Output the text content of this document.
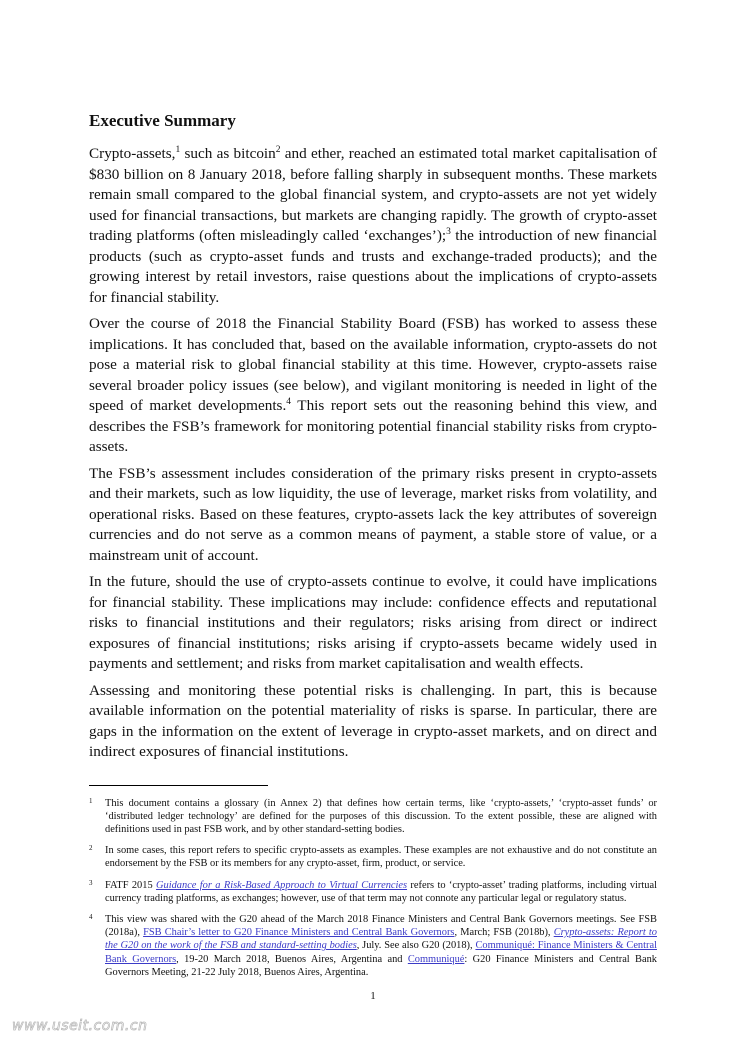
Executive Summary

Crypto-assets,$^1$ such as bitcoin$^2$ and ether, reached an estimated total market capitalisation of $830 billion on 8 January 2018, before falling sharply in subsequent months. These markets remain small compared to the global financial system, and crypto-assets are not yet widely used for financial transactions, but markets are changing rapidly. The growth of crypto-asset trading platforms (often misleadingly called ‘exchanges’);$^3$ the introduction of new financial products (such as crypto-asset funds and trusts and exchange-traded products); and the growing interest by retail investors, raise questions about the implications of crypto-assets for financial stability.

Over the course of 2018 the Financial Stability Board (FSB) has worked to assess these implications. It has concluded that, based on the available information, crypto-assets do not pose a material risk to global financial stability at this time. However, crypto-assets raise several broader policy issues (see below), and vigilant monitoring is needed in light of the speed of market developments.$^4$ This report sets out the reasoning behind this view, and describes the FSB’s framework for monitoring potential financial stability risks from crypto-assets.

The FSB’s assessment includes consideration of the primary risks present in crypto-assets and their markets, such as low liquidity, the use of leverage, market risks from volatility, and operational risks. Based on these features, crypto-assets lack the key attributes of sovereign currencies and do not serve as a common means of payment, a stable store of value, or a mainstream unit of account.

In the future, should the use of crypto-assets continue to evolve, it could have implications for financial stability. These implications may include: confidence effects and reputational risks to financial institutions and their regulators; risks arising from direct or indirect exposures of financial institutions; risks arising if crypto-assets became widely used in payments and settlement; and risks from market capitalisation and wealth effects.

Assessing and monitoring these potential risks is challenging. In part, this is because available information on the potential materiality of risks is sparse. In particular, there are gaps in the information on the extent of leverage in crypto-asset markets, and on direct and indirect exposures of financial institutions.

1 This document contains a glossary (in Annex 2) that defines how certain terms, like ‘crypto-assets,’ ‘crypto-asset funds’ or ‘distributed ledger technology’ are defined for the purposes of this discussion. To the extent possible, these are aligned with definitions used in past FSB work, and by other standard-setting bodies.
2 In some cases, this report refers to specific crypto-assets as examples. These examples are not exhaustive and do not constitute an endorsement by the FSB or its members for any crypto-asset, firm, product, or service.
3 FATF 2015 Guidance for a Risk-Based Approach to Virtual Currencies refers to ‘crypto-asset’ trading platforms, including virtual currency trading platforms, as exchanges; however, use of that term may not connote any particular legal or regulatory status.
4 This view was shared with the G20 ahead of the March 2018 Finance Ministers and Central Bank Governors meetings. See FSB (2018a), FSB Chair’s letter to G20 Finance Ministers and Central Bank Governors, March; FSB (2018b), Crypto-assets: Report to the G20 on the work of the FSB and standard-setting bodies, July. See also G20 (2018), Communiqué: Finance Ministers & Central Bank Governors, 19-20 March 2018, Buenos Aires, Argentina and Communiqué: G20 Finance Ministers and Central Bank Governors Meeting, 21-22 July 2018, Buenos Aires, Argentina.
1
www.useit.com.cn
